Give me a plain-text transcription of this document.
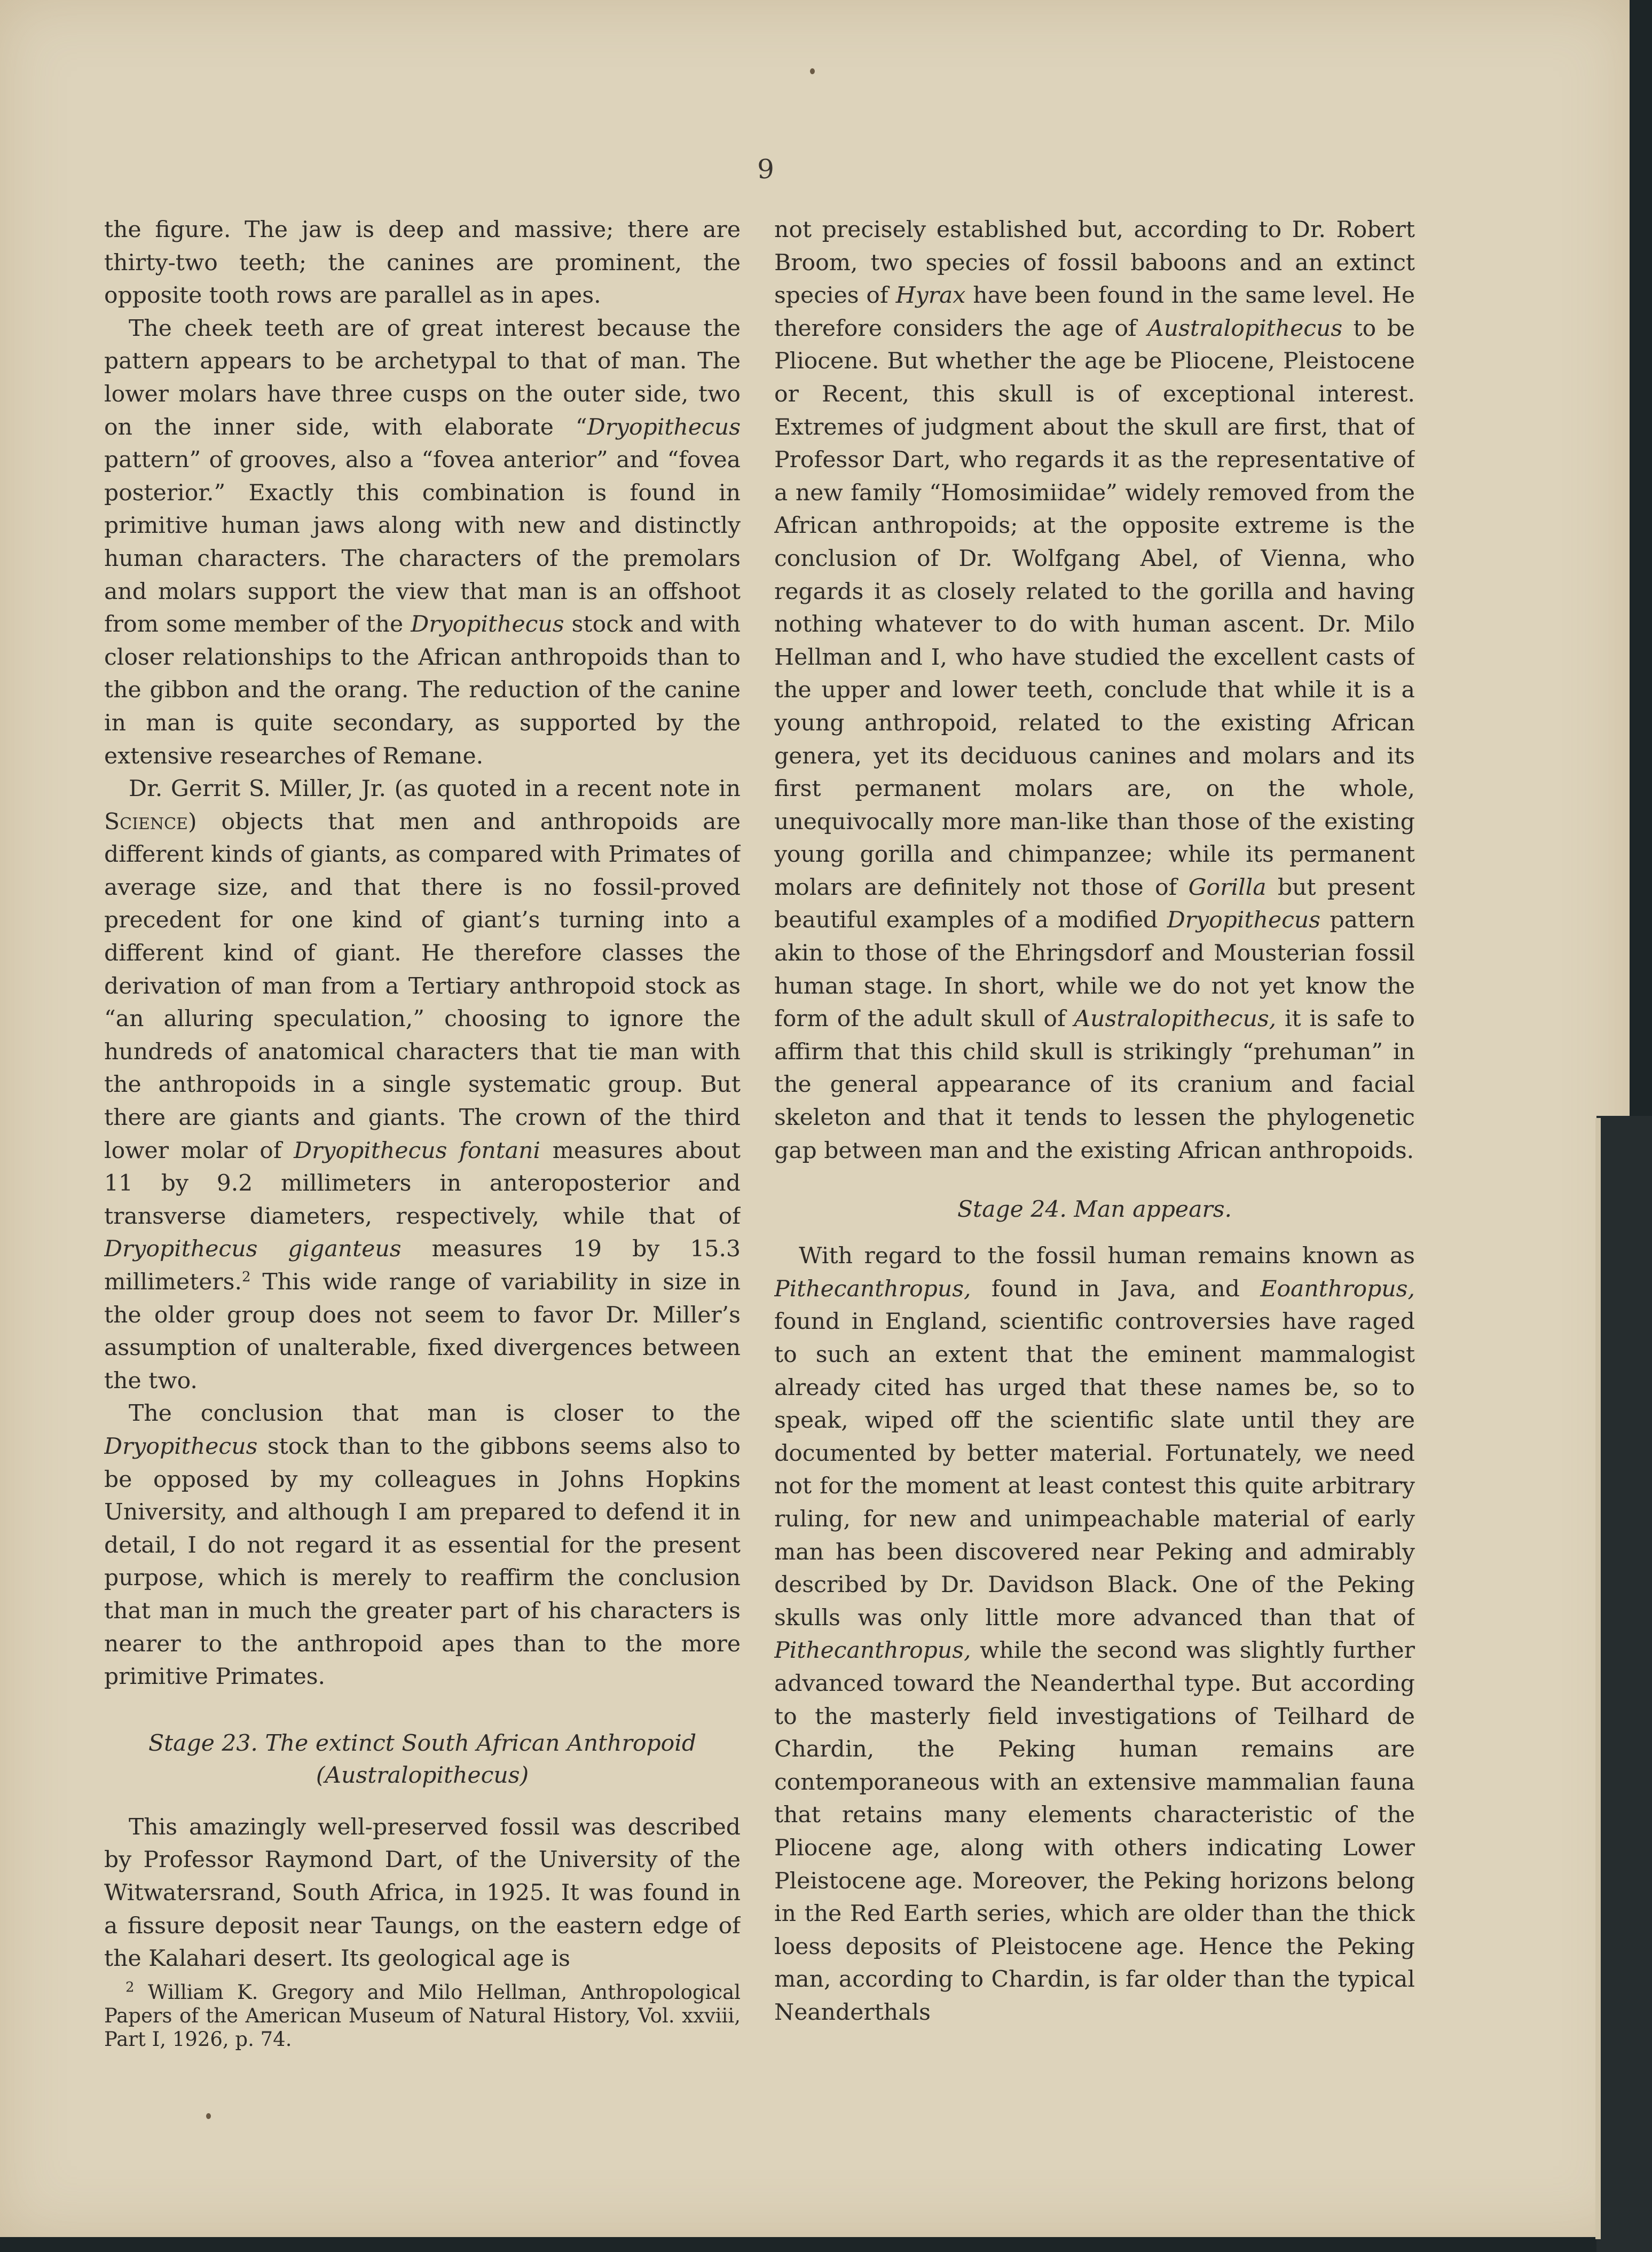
9

the figure. The jaw is deep and massive; there are thirty-two teeth; the canines are prominent, the opposite tooth rows are parallel as in apes.

The cheek teeth are of great interest because the pattern appears to be archetypal to that of man. The lower molars have three cusps on the outer side, two on the inner side, with elaborate “Dryopithecus pattern” of grooves, also a “fovea anterior” and “fovea posterior.” Exactly this combination is found in primitive human jaws along with new and distinctly human characters. The characters of the premolars and molars support the view that man is an offshoot from some member of the Dryopithecus stock and with closer relationships to the African anthropoids than to the gibbon and the orang. The reduction of the canine in man is quite secondary, as supported by the extensive researches of Remane.

Dr. Gerrit S. Miller, Jr. (as quoted in a recent note in Science) objects that men and anthropoids are different kinds of giants, as compared with Primates of average size, and that there is no fossil-proved precedent for one kind of giant’s turning into a different kind of giant. He therefore classes the derivation of man from a Tertiary anthropoid stock as “an alluring speculation,” choosing to ignore the hundreds of anatomical characters that tie man with the anthropoids in a single systematic group. But there are giants and giants. The crown of the third lower molar of Dryopithecus fontani measures about 11 by 9.2 millimeters in anteroposterior and transverse diameters, respectively, while that of Dryopithecus giganteus measures 19 by 15.3 millimeters.$^2$ This wide range of variability in size in the older group does not seem to favor Dr. Miller’s assumption of unalterable, fixed divergences between the two.

The conclusion that man is closer to the Dryopithecus stock than to the gibbons seems also to be opposed by my colleagues in Johns Hopkins University, and although I am prepared to defend it in detail, I do not regard it as essential for the present purpose, which is merely to reaffirm the conclusion that man in much the greater part of his characters is nearer to the anthropoid apes than to the more primitive Primates.

Stage 23. The extinct South African Anthropoid
(Australopithecus)

This amazingly well-preserved fossil was described by Professor Raymond Dart, of the University of the Witwatersrand, South Africa, in 1925. It was found in a fissure deposit near Taungs, on the eastern edge of the Kalahari desert. Its geological age is

$^2$ William K. Gregory and Milo Hellman, Anthropological Papers of the American Museum of Natural History, Vol. xxviii, Part I, 1926, p. 74.

not precisely established but, according to Dr. Robert Broom, two species of fossil baboons and an extinct species of Hyrax have been found in the same level. He therefore considers the age of Australopithecus to be Pliocene. But whether the age be Pliocene, Pleistocene or Recent, this skull is of exceptional interest. Extremes of judgment about the skull are first, that of Professor Dart, who regards it as the representative of a new family “Homosimiidae” widely removed from the African anthropoids; at the opposite extreme is the conclusion of Dr. Wolfgang Abel, of Vienna, who regards it as closely related to the gorilla and having nothing whatever to do with human ascent. Dr. Milo Hellman and I, who have studied the excellent casts of the upper and lower teeth, conclude that while it is a young anthropoid, related to the existing African genera, yet its deciduous canines and molars and its first permanent molars are, on the whole, unequivocally more man-like than those of the existing young gorilla and chimpanzee; while its permanent molars are definitely not those of Gorilla but present beautiful examples of a modified Dryopithecus pattern akin to those of the Ehringsdorf and Mousterian fossil human stage. In short, while we do not yet know the form of the adult skull of Australopithecus, it is safe to affirm that this child skull is strikingly “prehuman” in the general appearance of its cranium and facial skeleton and that it tends to lessen the phylogenetic gap between man and the existing African anthropoids.

Stage 24. Man appears.

With regard to the fossil human remains known as Pithecanthropus, found in Java, and Eoanthropus, found in England, scientific controversies have raged to such an extent that the eminent mammalogist already cited has urged that these names be, so to speak, wiped off the scientific slate until they are documented by better material. Fortunately, we need not for the moment at least contest this quite arbitrary ruling, for new and unimpeachable material of early man has been discovered near Peking and admirably described by Dr. Davidson Black. One of the Peking skulls was only little more advanced than that of Pithecanthropus, while the second was slightly further advanced toward the Neanderthal type. But according to the masterly field investigations of Teilhard de Chardin, the Peking human remains are contemporaneous with an extensive mammalian fauna that retains many elements characteristic of the Pliocene age, along with others indicating Lower Pleistocene age. Moreover, the Peking horizons belong in the Red Earth series, which are older than the thick loess deposits of Pleistocene age. Hence the Peking man, according to Chardin, is far older than the typical Neanderthals
